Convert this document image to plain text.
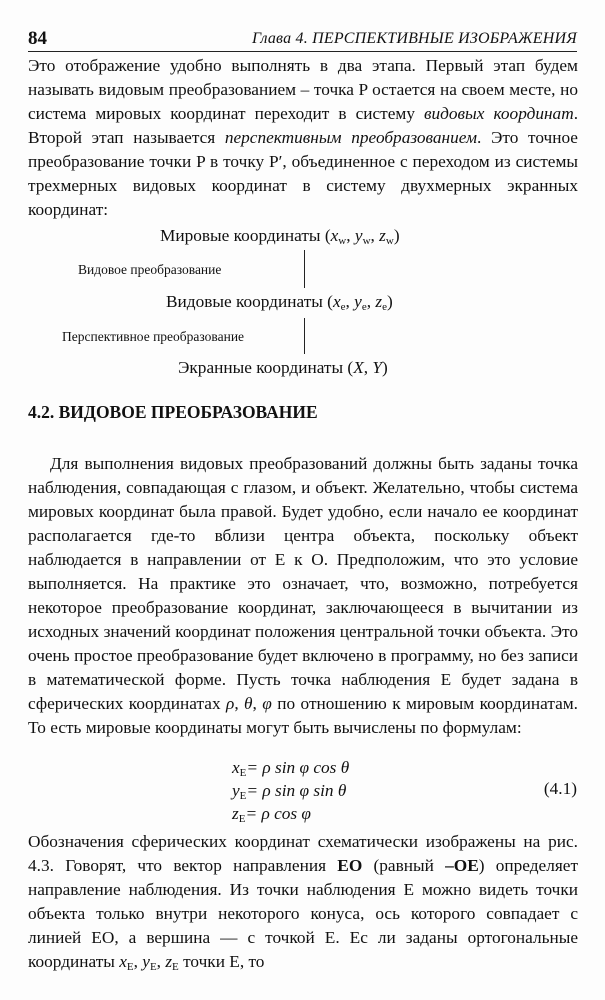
84	Глава 4. ПЕРСПЕКТИВНЫЕ ИЗОБРАЖЕНИЯ
Это отображение удобно выполнять в два этапа. Первый этап будем называть видовым преобразованием – точка P остается на своем месте, но система мировых координат переходит в систему видовых координат. Второй этап называется перспективным преобразованием. Это точное преобразование точки P в точку P′, объединенное с переходом из системы трехмерных видовых координат в систему двухмерных экранных координат:
Мировые координаты ($x_w$, $y_w$, $z_w$)
Видовое преобразование
Видовые координаты ($x_e$, $y_e$, $z_e$)
Перспективное преобразование
Экранные координаты (X, Y)
4.2. ВИДОВОЕ ПРЕОБРАЗОВАНИЕ
Для выполнения видовых преобразований должны быть заданы точка наблюдения, совпадающая с глазом, и объект. Желательно, чтобы система мировых координат была правой. Будет удобно, если начало ее координат располагается где-то вблизи центра объекта, поскольку объект наблюдается в направлении от E к O. Предположим, что это условие выполняется. На практике это означает, что, возможно, потребуется некоторое преобразование координат, заключающееся в вычитании из исходных значений координат положения центральной точки объекта. Это очень простое преобразование будет включено в программу, но без записи в математической форме. Пусть точка наблюдения E будет задана в сферических координатах ρ, θ, φ по отношению к мировым координатам. То есть мировые координаты могут быть вычислены по формулам:
$x_E= \rho$ sin φ cos θ
$y_E= \rho$ sin φ sin θ
$z_E= \rho$ cos φ
(4.1)
Обозначения сферических координат схематически изображены на рис. 4.3. Говорят, что вектор направления EO (равный –OE) определяет направление наблюдения. Из точки наблюдения E можно видеть точки объекта только внутри некоторого конуса, ось которого совпадает с линией EO, а вершина — с точкой E. Ес ли заданы ортогональные координаты $x_E$, $y_E$, $z_E$ точки E, то
